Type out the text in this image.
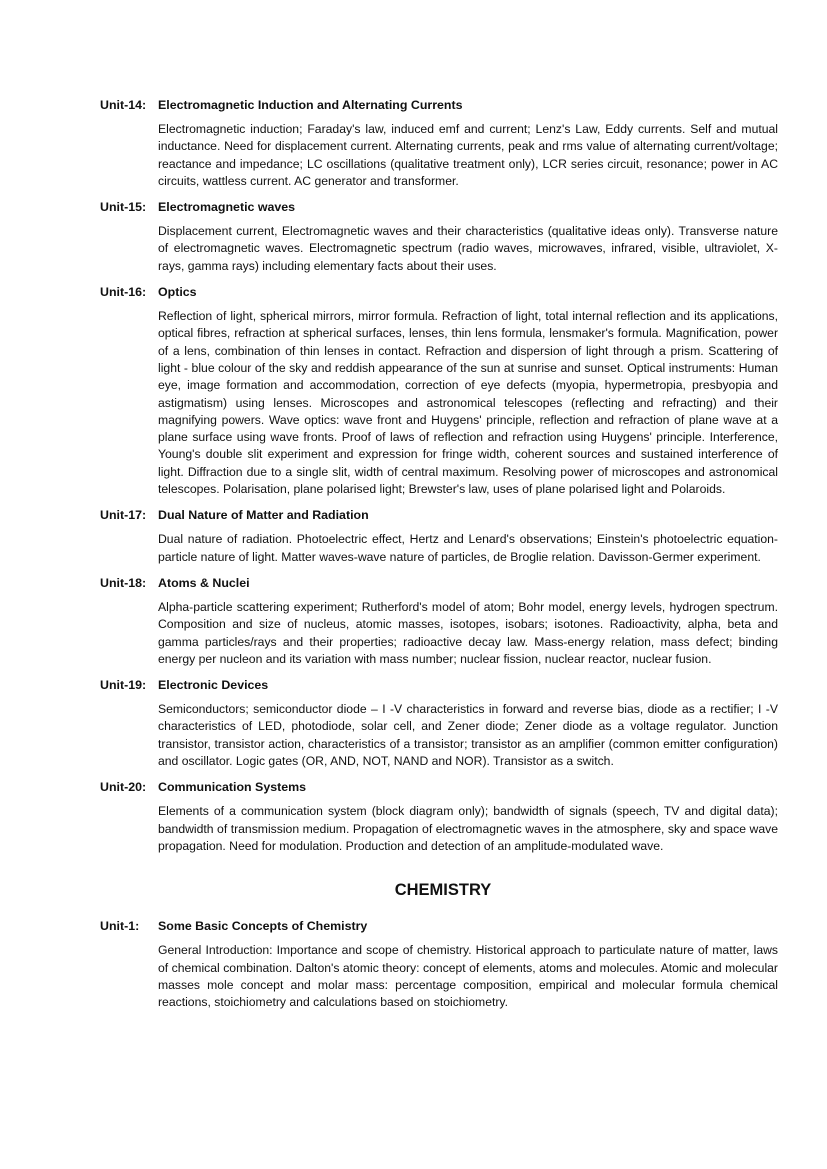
Unit-14: Electromagnetic Induction and Alternating Currents
Electromagnetic induction; Faraday's law, induced emf and current; Lenz's Law, Eddy currents. Self and mutual inductance. Need for displacement current. Alternating currents, peak and rms value of alternating current/voltage; reactance and impedance; LC oscillations (qualitative treatment only), LCR series circuit, resonance; power in AC circuits, wattless current. AC generator and transformer.
Unit-15: Electromagnetic waves
Displacement current, Electromagnetic waves and their characteristics (qualitative ideas only). Transverse nature of electromagnetic waves. Electromagnetic spectrum (radio waves, microwaves, infrared, visible, ultraviolet, X-rays, gamma rays) including elementary facts about their uses.
Unit-16: Optics
Reflection of light, spherical mirrors, mirror formula. Refraction of light, total internal reflection and its applications, optical fibres, refraction at spherical surfaces, lenses, thin lens formula, lensmaker's formula. Magnification, power of a lens, combination of thin lenses in contact. Refraction and dispersion of light through a prism. Scattering of light - blue colour of the sky and reddish appearance of the sun at sunrise and sunset. Optical instruments: Human eye, image formation and accommodation, correction of eye defects (myopia, hypermetropia, presbyopia and astigmatism) using lenses. Microscopes and astronomical telescopes (reflecting and refracting) and their magnifying powers. Wave optics: wave front and Huygens' principle, reflection and refraction of plane wave at a plane surface using wave fronts. Proof of laws of reflection and refraction using Huygens' principle. Interference, Young's double slit experiment and expression for fringe width, coherent sources and sustained interference of light. Diffraction due to a single slit, width of central maximum. Resolving power of microscopes and astronomical telescopes. Polarisation, plane polarised light; Brewster's law, uses of plane polarised light and Polaroids.
Unit-17: Dual Nature of Matter and Radiation
Dual nature of radiation. Photoelectric effect, Hertz and Lenard's observations; Einstein's photoelectric equation-particle nature of light. Matter waves-wave nature of particles, de Broglie relation. Davisson-Germer experiment.
Unit-18: Atoms & Nuclei
Alpha-particle scattering experiment; Rutherford's model of atom; Bohr model, energy levels, hydrogen spectrum. Composition and size of nucleus, atomic masses, isotopes, isobars; isotones. Radioactivity, alpha, beta and gamma particles/rays and their properties; radioactive decay law. Mass-energy relation, mass defect; binding energy per nucleon and its variation with mass number; nuclear fission, nuclear reactor, nuclear fusion.
Unit-19: Electronic Devices
Semiconductors; semiconductor diode – I -V characteristics in forward and reverse bias, diode as a rectifier; I -V characteristics of LED, photodiode, solar cell, and Zener diode; Zener diode as a voltage regulator. Junction transistor, transistor action, characteristics of a transistor; transistor as an amplifier (common emitter configuration) and oscillator. Logic gates (OR, AND, NOT, NAND and NOR). Transistor as a switch.
Unit-20: Communication Systems
Elements of a communication system (block diagram only); bandwidth of signals (speech, TV and digital data); bandwidth of transmission medium. Propagation of electromagnetic waves in the atmosphere, sky and space wave propagation. Need for modulation. Production and detection of an amplitude-modulated wave.
CHEMISTRY
Unit-1:	Some Basic Concepts of Chemistry
General Introduction: Importance and scope of chemistry. Historical approach to particulate nature of matter, laws of chemical combination. Dalton's atomic theory: concept of elements, atoms and molecules. Atomic and molecular masses mole concept and molar mass: percentage composition, empirical and molecular formula chemical reactions, stoichiometry and calculations based on stoichiometry.
